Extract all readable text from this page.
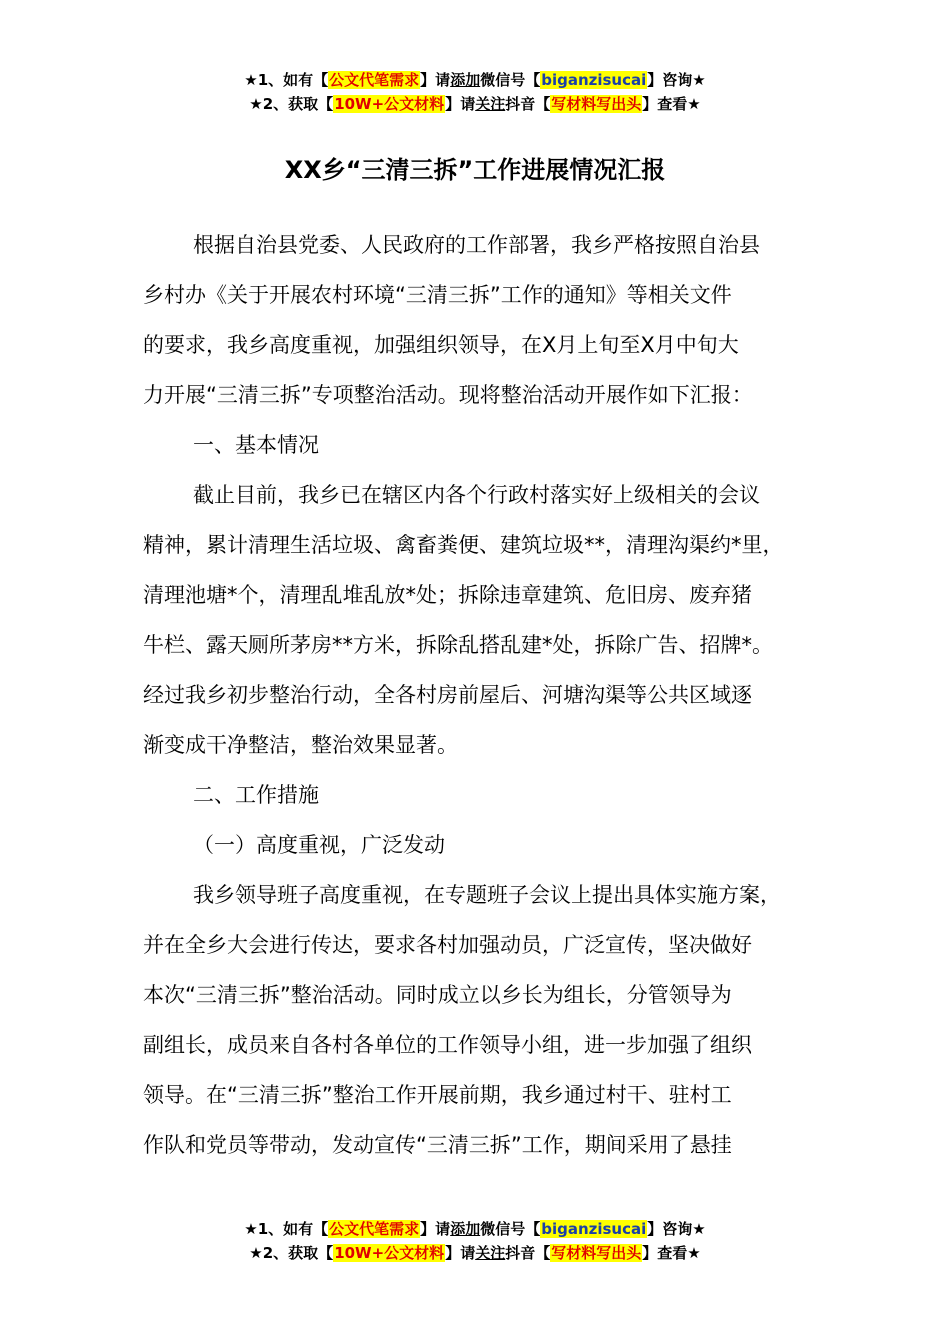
★1、如有【公文代笔需求】请添加微信号【biganzisucai】咨询★
★2、获取【10W+公文材料】请关注抖音【写材料写出头】查看★
XX乡“三清三拆”工作进展情况汇报
根据自治县党委、人民政府的工作部署，我乡严格按照自治县
乡村办《关于开展农村环境“三清三拆”工作的通知》等相关文件
的要求，我乡高度重视，加强组织领导，在X月上旬至X月中旬大
力开展“三清三拆”专项整治活动。现将整治活动开展作如下汇报：
一、基本情况
截止目前，我乡已在辖区内各个行政村落实好上级相关的会议
精神，累计清理生活垃圾、禽畜粪便、建筑垃圾**，清理沟渠约*里，
清理池塘*个，清理乱堆乱放*处；拆除违章建筑、危旧房、废弃猪
牛栏、露天厕所茅房**方米，拆除乱搭乱建*处，拆除广告、招牌*。
经过我乡初步整治行动，全各村房前屋后、河塘沟渠等公共区域逐
渐变成干净整洁，整治效果显著。
二、工作措施
（一）高度重视，广泛发动
我乡领导班子高度重视，在专题班子会议上提出具体实施方案，
并在全乡大会进行传达，要求各村加强动员，广泛宣传，坚决做好
本次“三清三拆”整治活动。同时成立以乡长为组长，分管领导为
副组长，成员来自各村各单位的工作领导小组，进一步加强了组织
领导。在“三清三拆”整治工作开展前期，我乡通过村干、驻村工
作队和党员等带动，发动宣传“三清三拆”工作，期间采用了悬挂
★1、如有【公文代笔需求】请添加微信号【biganzisucai】咨询★
★2、获取【10W+公文材料】请关注抖音【写材料写出头】查看★
